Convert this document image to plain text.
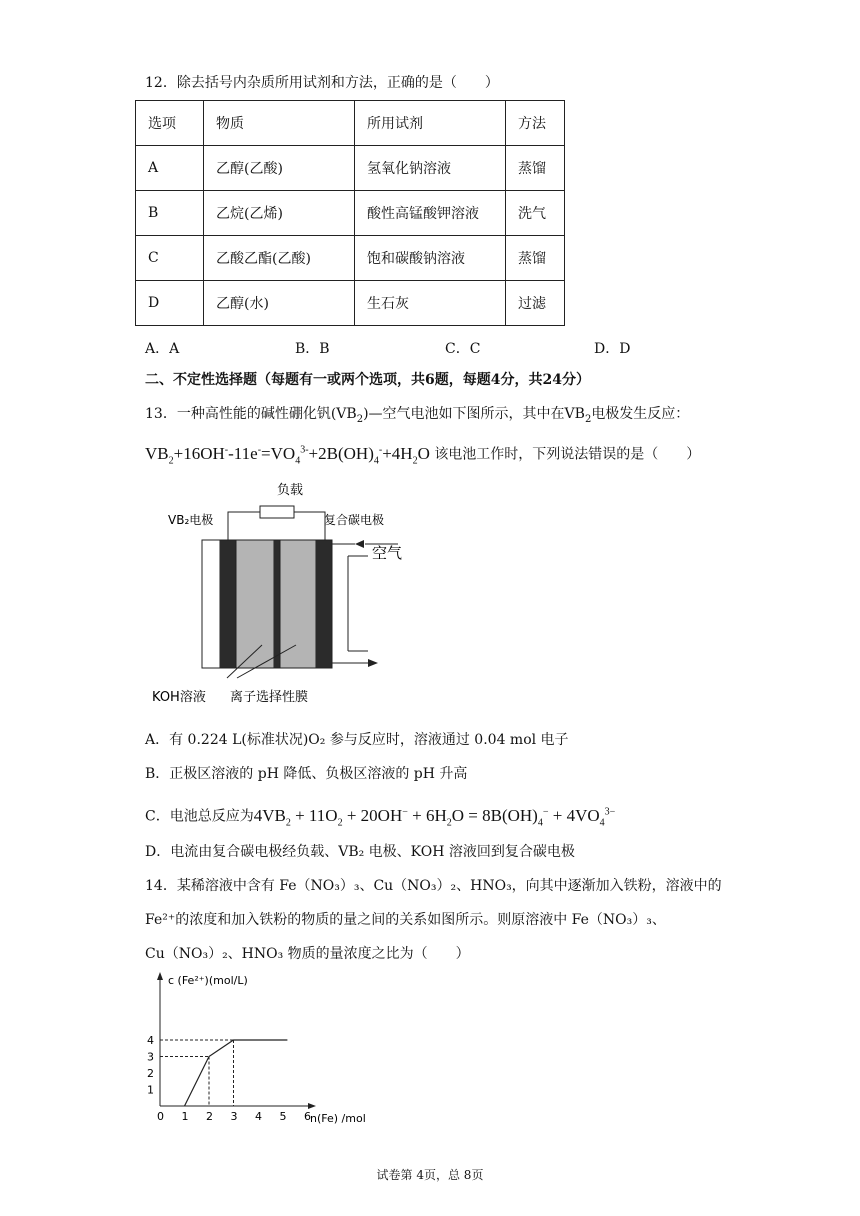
12．除去括号内杂质所用试剂和方法，正确的是（　　）
选项	物质	所用试剂	方法
A	乙醇(乙酸)	氢氧化钠溶液	蒸馏
B	乙烷(乙烯)	酸性高锰酸钾溶液	洗气
C	乙酸乙酯(乙酸)	饱和碳酸钠溶液	蒸馏
D	乙醇(水)	生石灰	过滤
A．A	B．B	C．C	D．D
二、不定性选择题（每题有一或两个选项，共6题，每题4分，共24分）
13．一种高性能的碱性硼化钒$(VB_2)—$空气电池如下图所示，其中在$VB_2$电极发生反应：
$VB_2+16OH^--11e^-=VO_4^{3-}+2B(OH)_4^-+4H_2O$ 该电池工作时，下列说法错误的是（　　）
负载
VB₂电极	复合碳电极
空气
KOH溶液 离子选择性膜
A．有 0.224 L(标准状况)O₂ 参与反应时，溶液通过 0.04 mol 电子
B．正极区溶液的 pH 降低、负极区溶液的 pH 升高
C．电池总反应为$4VB_2 + 11O_2 + 20OH^- + 6H_2O = 8B(OH)_4^- + 4VO_4^{3-}$
D．电流由复合碳电极经负载、VB₂ 电极、KOH 溶液回到复合碳电极
14．某稀溶液中含有 Fe（NO₃）₃、Cu（NO₃）₂、HNO₃，向其中逐渐加入铁粉，溶液中的
Fe²⁺的浓度和加入铁粉的物质的量之间的关系如图所示。则原溶液中 Fe（NO₃）₃、
Cu（NO₃）₂、HNO₃ 物质的量浓度之比为（　　）
c (Fe²⁺)(mol/L)
n(Fe) /mol
0 1 2 3 4 5 6
1
2
3
4
试卷第 4页，总 8页
